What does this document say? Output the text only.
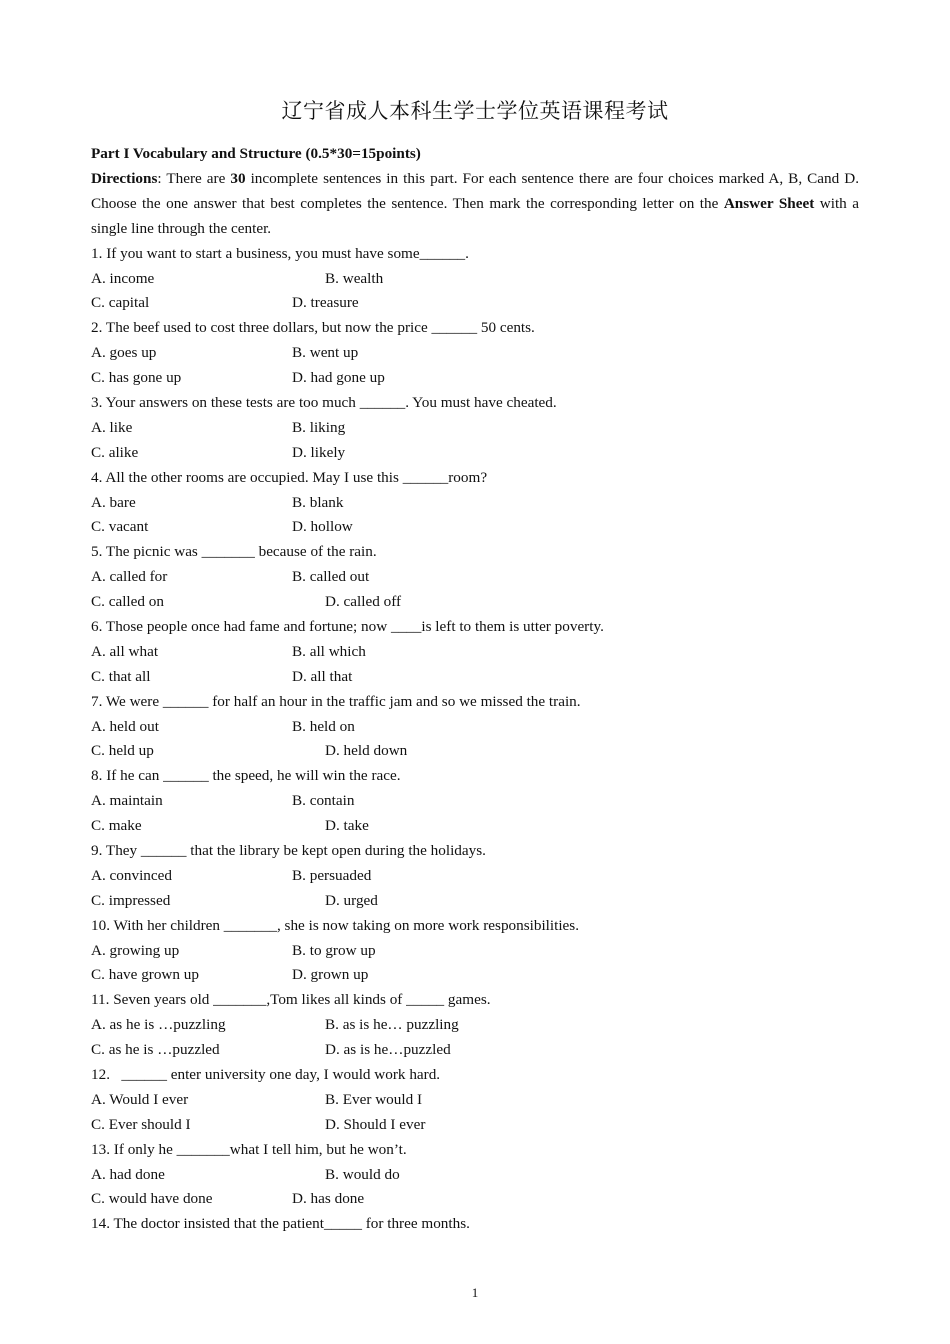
辽宁省成人本科生学士学位英语课程考试
Part I Vocabulary and Structure (0.5*30=15points)

Directions: There are 30 incomplete sentences in this part. For each sentence there are four choices marked A, B, Cand D. Choose the one answer that best completes the sentence. Then mark the corresponding letter on the Answer Sheet with a single line through the center.

1. If you want to start a business, you must have some______.
A. income	B. wealth
C. capital	D. treasure
2. The beef used to cost three dollars, but now the price ______ 50 cents.
A. goes up	B. went up
C. has gone up	D. had gone up
3. Your answers on these tests are too much ______. You must have cheated.
A. like	B. liking
C. alike	D. likely
4. All the other rooms are occupied. May I use this ______room?
A. bare	B. blank
C. vacant	D. hollow
5. The picnic was _______ because of the rain.
A. called for	B. called out
C. called on	D. called off
6. Those people once had fame and fortune; now ____is left to them is utter poverty.
A. all what	B. all which
C. that all	D. all that
7. We were ______ for half an hour in the traffic jam and so we missed the train.
A. held out	B. held on
C. held up	D. held down
8. If he can ______ the speed, he will win the race.
A. maintain	B. contain
C. make	D. take
9. They ______ that the library be kept open during the holidays.
A. convinced	B. persuaded
C. impressed	D. urged
10. With her children _______, she is now taking on more work responsibilities.
A. growing up	B. to grow up
C. have grown up	D. grown up
11. Seven years old _______,Tom likes all kinds of _____ games.
A. as he is …puzzling	B. as is he… puzzling
C. as he is …puzzled	D. as is he…puzzled
12.   ______ enter university one day, I would work hard.
A. Would I ever	B. Ever would I
C. Ever should I	D. Should I ever
13. If only he _______what I tell him, but he won’t.
A. had done	B. would do
C. would have done	D. has done
14. The doctor insisted that the patient_____ for three months.
1
